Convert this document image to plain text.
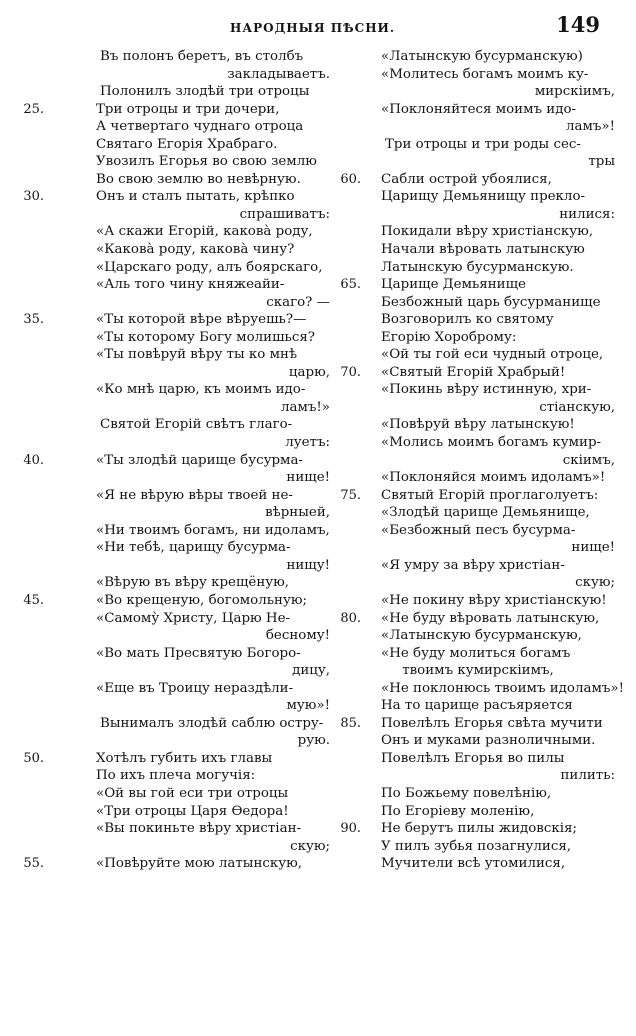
НАРОДНЫЯ ПѢСНИ.	149
Въ полонъ беретъ, въ столбъ
закладываетъ.
Полонилъ злодѣй три отроцы
25.	Три отроцы и три дочери,
А четвертаго чуднаго отроца
Святаго Егорія Храбраго.
Увозилъ Егорья во свою землю
Во свою землю во невѣрную.
30.	Онъ и сталъ пытать, крѣпко
спрашиватъ:
«А скажи Егорій, какова̀ роду,
«Какова̀ роду, какова̀ чину?
«Царскаго роду, алъ боярскаго,
«Аль того чину княжеайи-
скаго? —
35.	«Ты которой вѣре вѣруешь?—
«Ты которому Богу молишься?
«Ты повѣруй вѣру ты ко мнѣ
царю,
«Ко мнѣ царю, къ моимъ идо-
ламъ!»
Святой Егорій свѣтъ глаго-
луетъ:
40.	«Ты злодѣй царище бусурма-
нище!
«Я не вѣрую вѣры твоей не-
вѣрныей,
«Ни твоимъ богамъ, ни идоламъ,
«Ни тебѣ, царищу бусурма-
нищу!
«Вѣрую въ вѣру крещёную,
45.	«Во крещеную, богомольную;
«Самому̀ Христу, Царю Не-
бесному!
«Во мать Пресвятую Богоро-
дицу,
«Еще въ Троицу нераздѣли-
мую»!
Вынималъ злодѣй саблю остру-
рую.
50.	Хотѣлъ губить ихъ главы
По ихъ плеча могучія:
«Ой вы гой еси три отроцы
«Три отроцы Царя Ѳедора!
«Вы покиньте вѣру христіан-
скую;
55.	«Повѣруйте мою латынскую,
«Латынскую бусурманскую)
«Молитесь богамъ моимъ ку-
мирскіимъ,
«Поклоняйтеся моимъ идо-
ламъ»!
Три отроцы и три роды сес-
тры
60. Сабли острой убоялися,
Царищу Демьянищу прекло-
нилися:
Покидали вѣру христіанскую,
Начали вѣровать латынскую
Латынскую бусурманскую.
65. Царище Демьянище
Безбожный царь бусурманище
Возговорилъ ко святому
Егорію Хороброму:
«Ой ты гой еси чудный отроце,
70. «Святый Егорій Храбрый!
«Покинь вѣру истинную, хри-
стіанскую,
«Повѣруй вѣру латынскую!
«Молись моимъ богамъ кумир-
скіимъ,
«Поклоняйся моимъ идоламъ»!
75. Святый Егорій проглаголуетъ:
«Злодѣй царище Демьянище,
«Безбожный песъ бусурма-
нище!
«Я умру за вѣру христіан-
скую;
«Не покину вѣру христіанскую!
80. «Не буду вѣровать латынскую,
«Латынскую бусурманскую,
«Не буду молиться богамъ
твоимъ кумирскіимъ,
«Не поклонюсь твоимъ идоламъ»!
На то царище расъяряется
85. Повелѣлъ Егорья свѣта мучити
Онъ и муками разноличными.
Повелѣлъ Егорья во пилы
пилить:
По Божьему повелѣнію,
По Егоріеву моленію,
90. Не берутъ пилы жидовскія;
У пилъ зубья позагнулися,
Мучители всѣ утомилися,
